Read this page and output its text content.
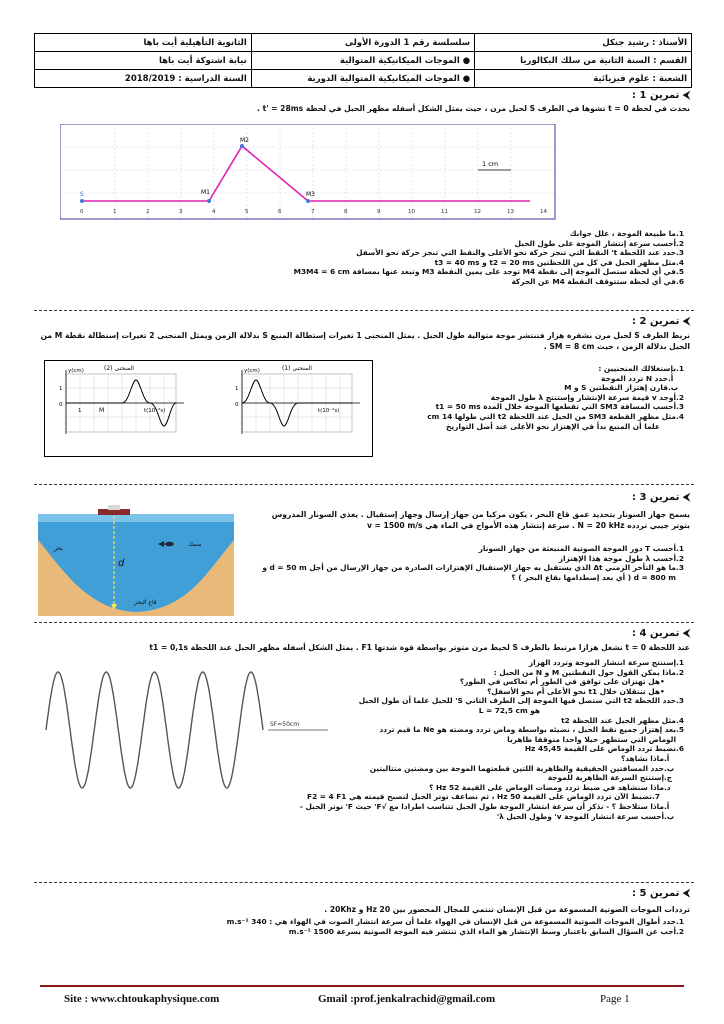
الثانوية التأهيلية أيت باها	سلسلسة رقم 1 الدورة الأولى	الأستاذ : رشيد جنكل
نيابة اشتوكة أيت باها	● الموجات الميكانيكية المتوالية	القسم : السنة الثانية من سلك البكالوريا
السنة الدراسية : 2018/2019	● الموجات الميكانيكية المتوالية الدورية	الشعبة : علوم فيزيائية
⮜ تمرين 1 :
نحدث في لحظة t = 0 تشوها في الطرف S لحبل مرن ، حيث يمثل الشكل أسفله مظهر الحبل في لحظة t' = 28ms .
S	M1
M2
M3
1 cm
0	1	2	3	4	5	6	7	8	9	10	11	12	13	14
1.ما طبيعة الموجة ، علل جوابك
2.أحسب سرعة إنتشار الموجة على طول الحبل
3.حدد عند اللحظة t' النقط التي تنجز حركة نحو الأعلى والنقط التي تنجز حركة نحو الأسفل
4.مثل مظهر الحبل في كل من اللحظتين t2 = 20 ms و t3 = 40 ms
5.في أي لحظة ستصل الموجة إلى نقطة M4 توجد على يمين النقطة M3 وتبعد عنها بمسافة M3M4 = 6 cm
6.في أي لحظة ستتوقف النقطة M4 عن الحركة
⮜ تمرين 2 :
نربط الطرف S لحبل مرن بشفرة هزاز فتنتشر موجة متوالية طول الحبل . يمثل المنحنى 1 تغيرات إستطالة المنبع S بدلالة الزمن ويمثل المنحنى 2 تغيرات إستطالة نقطة M من
الحبل بدلالة الزمن ، حيث SM = 8 cm .
المنحنى (2)
y(cm)
t(10⁻²s)
1
0
1	M
المنحنى (1)
y(cm)
t(10⁻²s)
1
0
1.بإستغلالك المنحنيين :
أ.حدد N تردد الموجة
ب.قارن إهتزاز النقطتين S و M
2.أوجد v قيمة سرعة الإنتشار وإستنتج λ طول الموجة
3.أحسب المسافة SM3 التي تقطعها الموجة خلال المدة t1 = 50 ms
4.مثل مظهر القطعة SM3 من الحبل عند اللحظة t2 التي طولها 14 cm
علما أن المنبع بدأ في الإهتزاز نحو الأعلى عند أصل التواريخ
⮜ تمرين 3 :
d
بحر
سمك
قاع البحر
يسمح جهاز السونار بتحديد عمق قاع البحر ، يكون مركبا من جهاز إرسال وجهاز إستقبال . يغذي السونار المدروس
بتوتر جيبي تردده N = 20 kHz . سرعة إنتشار هذه الأمواج في الماء هي v = 1500 m/s
1.أحسب T دور الموجة الصوتية المنبعثة من جهاز السونار
2.أحسب λ طول موجة هذا الإهتزاز
3.ما هو التأخر الزمني Δt الذي يستقبل به جهاز الإستقبال الإهتزازات الصادرة من جهاز الإرسال من أجل d = 50 m و
d = 800 m ( أي بعد إصطدامها بقاع البحر ) ؟
⮜ تمرين 4 :
عند اللحظة t = 0 نشغل هزازا مرتبط بالطرف S لخيط مرن متوتر بواسطة قوة شدتها F1 . يمثل الشكل أسفله مظهر الحبل عند اللحظة t1 = 0,1s
SF=50cm
1.إستنتج سرعة انتشار الموجة وتردد الهزاز
2.ماذا يمكن القول حول النقطتين M و N من الحبل :
•هل تهتزان على توافق في الطور أم تعاكس في الطور؟
•هل تنتقلان خلال t1 نحو الأعلى أم نحو الأسفل؟
3.حدد اللحظة t2 التي ستصل فيها الموجة إلى الطرف الثاني S' للحبل علما أن طول الحبل
هو L = 72,5 cm
4.مثل مظهر الحبل عند اللحظة t2
5.بعد إهتزاز جميع نقط الحبل ، نضيئه بواسطة وماض تردد ومضته هو Ne ما قيم تردد
الوماض التي ستظهر حبلا واحدا متوقفا ظاهريا
6.نضبط تردد الوماض على القيمة 45,45 Hz
أ.ماذا نشاهد؟
ب.حدد المسافتين الحقيقية والظاهرية اللتين قطعتهما الموجة بين ومضتين متتاليتين
ج.إستنتج السرعة الظاهرية للموجة
د.ماذا سنشاهد في ضبط تردد ومضات الوماض على القيمة 52 Hz ؟
7.نضبط الآن تردد الوماض على القيمة 50 Hz ، ثم نضاعف توتر الحبل لتصبح قيمته هي F2 = 4 F1
أ.ماذا ستلاحظ ؟ - نذكر أن سرعة انتشار الموجة طول الحبل تتناسب اطرادا مع √F' حيث F' توتر الحبل -
ب.أحسب سرعة انتشار الموجة v' وطول الحبل λ'
⮜ تمرين 5 :
ترددات الموجات الصوتية المسموعة من قبل الإنسان تنتمي للمجال المحصور بين 20 Hz و 20Khz .
1.حدد أطوال الموجات الصوتية المسموعة من قبل الإنسان في الهواء علما أن سرعة انتشار الصوت في الهواء هي : 340 m.s⁻¹
2.أجب عن السؤال السابق باعتبار وسط الإنتشار هو الماء الذي تنتشر فيه الموجة الصوتية بسرعة 1500 m.s⁻¹
Site : www.chtoukaphysique.com	Gmail :prof.jenkalrachid@gmail.com	Page 1
